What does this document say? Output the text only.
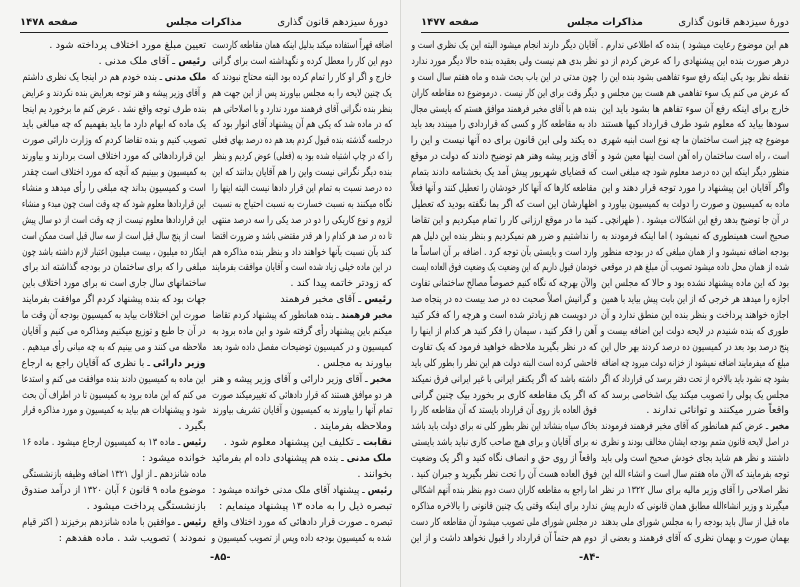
دورهٔ سیزدهم قانون گذاری
مذاکرات مجلس
صفحه ۱۴۷۸
اضافه قهراً استفاده میکند بدلیل اینکه همان مقاطعه کاردست
دوم این کار را معطل کرده و نگهداشته است برای گرانی
خارج و اگر او کار را تمام کرده بود البته محتاج نبودند که
یک چنین لایحه را به مجلس بیاورند پس از این جهت هم
بنظر بنده نگرانی آقای فرهمند مورد ندارد و با اصلاحاتی هم
که در ماده شد که یکی هم آن پیشنهاد آقای انوار بود که
درجلسه گذشته بنده قبول کردم بعد هم ده درصد بهای فعلی
را که در چاپ اشتباه شده بود به (فعلی) عوض کردیم و بنظر
بنده دیگر نگرانی نیست واین را هم آقایان بدانند که این
ده درصد نسبت به تمام این قرار دادها نیست البته اینها را
نگاه میکنند به نسبت خسارت به نسبت احتیاج به نسبت
لزوم و نوع کاریکی را دو در صد یکی را سه درصد منتهی
تا ده در صد هر کدام را هر قدر مقتضی باشد و ضرورت اقتضا
کند بآن نسبت بآنها خواهند داد و بنظر بنده مذاکره هم
در این ماده خیلی زیاد شده است و آقایان موافقت بفرمایند
که زودتر خاتمه پیدا کند .
رئیس ـ آقای مخبر فرهمند
مخبر فرهمند ـ بنده همانطور که پیشنهاد کردم تقاضا
میکنم باین پیشنهاد رأی گرفته شود و این ماده برود به
کمیسیون و در کمیسیون توضیحات مفصل داده شود بعد
بیاورند به مجلس .
مخبر ـ آقای وزیر دارائی و آقای وزیر پیشه و هنر
هر دو موافق هستند که قرار دادهائی که تغییرمیکند صورت
تمام آنها را بیاورند به کمیسیون و آقایان تشریف بیاورند
وملاحظه بفرمایند .
نقابت ـ تکلیف این پیشنهاد معلوم شود .
ملک مدنی ـ بنده هم پیشنهادی داده ام بفرمائید
بخوانند .
رئیس ـ پیشنهاد آقای ملک مدنی خوانده میشود :
تبصره ذیل را به ماده ۱۳ پیشنهاد مینمایم :
تبصره ـ صورت قرار دادهائی که مورد اختلاف واقع
شده به کمیسیون بودجه داده وپس از تصویب کمیسیون و
تعیین مبلغ مورد اختلاف پرداخته شود .
رئیس ـ آقای ملک مدنی .
ملک مدنی ـ بنده خودم هم در اینجا یک نظری داشتم
و آقای وزیر پیشه و هنر توجه بعرایض بنده نکردند و عرایض
بنده طرف توجه واقع نشد . عرض کنم ما برخورد یم اینجا
یک ماده که ابهام دارد ما باید بفهمیم که چه مبالغی باید
تصویب کنیم و بنده تقاضا کردم که وزارت دارائی صورت
این قراردادهائی که مورد اختلاف است بردارند و بیاورند
به کمیسیون و ببینیم که آنچه که مورد اختلاف است چقدر
است و کمیسیون بداند چه مبلغی را رأی میدهد و منشاء
این قراردادها معلوم شود که چه وقت است چون مبدء و منشاء
این قراردادها معلوم نیست از چه وقت است از دو سال پیش
است از پنج سال قبل است از سه سال قبل است ممکن است
اینکار ده میلیون ، بیست میلیون اعتبار لازم داشته باشد چون
مبلغی را که برای ساختمان در بودجه گذاشته اند برای
ساختمانهای سال جاری است نه برای مورد اختلاف باین
جهات بود که بنده پیشنهاد کردم اگر موافقت بفرمایند
صورت این اختلافات بیاید به کمیسیون بودجه آن وقت ما
در آن جا طبع و توزیع میکنیم ومذاکره می کنیم و آقایان
ملاحظه می کنند و می بینیم که به چه مبانی رأی میدهیم .
وزیر دارائی ـ با نظری که آقایان راجع به ارجاع
این ماده به کمیسیون دادند بنده موافقت می کنم و استدعا
می کنم که این ماده برود به کمیسیون تا در اطراف آن بحث
شود و پیشنهادات هم بیاید به کمیسیون و مورد مذاکره قرار
بگیرد .
رئیس ـ ماده ۱۳ به کمیسیون ارجاع میشود . ماده ۱۶
خوانده میشود :
ماده شانزدهم ـ از اول ۱۳۲۱ اضافه وظیفه بازنشستگی
موضوع ماده ۹ قانون ۶ آبان ۱۳۲۰ از درآمد صندوق
بازنشستگی پرداخت میشود .
رئیس ـ موافقین با ماده شانزدهم برخیزند ( اکثر قیام
نمودند ) تصویب شد . ماده هفدهم :
-۸۵-
دورهٔ سیزدهم قانون گذاری
مذاکرات مجلس
صفحه ۱۴۷۷
هم این موضوع رعایت میشود ) بنده که اطلاعی ندارم .
درهر صورت بنده این پیشنهادی را که عرض کردم از دو
نقطه نظر بود یکی اینکه رفع سوء تفاهمی بشود بنده این را
که عرض می کنم یک سوء تفاهمی هم هست بین مجلس و
خارج برای اینکه رفع آن سوء تفاهم ها بشود باید این
سودها بیاید که معلوم شود طرف قرارداد کیها هستند
موضوع چه چیز است ساختمان ما چه نوع است ابنیه شهری
است ، راه است ساختمان راه آهن است اینها معین شود و
منظور دیگر اینکه این ده درصد معلوم شود چه مبلغی است
واگر آقایان این پیشنهاد را مورد توجه قرار دهند و این
ماده به کمیسیون و صورت را دولت به کمیسیون بیاورد و
در آن جا توضیح بدهد رفع این اشکالات میشود . ( طهرانچی ـ
صحیح است همینطوری که نمیشود ) اما اینکه فرمودند به
بودجه اضافه نمیشود و از همان مبلغی که در بودجه منظور
شده از همان محل داده میشود تصویب آن مبلغ هم در موقعی
بود که این ماده پیشنهاد نشده بود و حالا که مجلس این
اجازه را میدهد هر خرجی که از این بابت پیش بیاید با همین
اجازه خواهند پرداخت و بنظر بنده این منطق ندارد و آن
طوری که بنده شنیدم در لایحه دولت این اضافه بیست و
پنج درصد بود بعد در کمیسیون ده درصد کردند بهر حال این
مبلغ که میفرمایند اضافه نمیشود از خزانه دولت میرود چه اضافه
بشود چه نشود باید بالاخره از تحت دفتر برسد کی قرارداد که اگر
مجلس یک پولی را تصویب میکند بیک اشخاصی برسد که
واقعاً ضرر میکنند و توانائی ندارند .
مخبر ـ عرض کنم همانطور که آقای مخبر فرهمند فرمودند
در اصل لایحه قانون متمم بودجه ایشان مخالف بودند و نظری
داشتند و نظر هم شاید بجای خودش صحیح است ولی باید
توجه بفرمایند که الآن ماه هفتم سال است و انشاء الله این
نظر اصلاحی را آقای وزیر مالیه برای سال ۱۳۲۲ در نظر
میگیرند و وزیر انشاءالله مطابق همان قانونی که داریم پیش
ماه قبل از سال باید بودجه را به مجلس شورای ملی بدهند
بهمان صورت و بهمان نظری که آقای فرهمند و بعضی از
آقایان دیگر دارند انجام میشود البته این یک نظری است و
نظر بدی هم نیست ولی بعقیده بنده حالا دیگر مورد ندارد
چون مدتی در این باب بحث شده و ماه هفتم سال است و
دیگر وقت برای این کار نیست . درموضوع ده مقاطعه کاران
بنده هم با آقای مخبر فرهمند موافق هستم که بایستی مجال
داد به مقاطعه کار و کسی که قراردادی را میبندد بعد باید
ده یکند ولی این قانون برای ده آنها نیست و این را
آقای وزیر پیشه وهنر هم توضیح دادند که دولت در موقع
که قضایای شهریور پیش آمد یک بخشنامه دادند بتمام
مقاطعه کارها که آنها کار خودشان را تعطیل کنند و آنها فعلاً
اظهارشان این است که اگر بما نگفته بودید که تعطیل
کنید ما در موقع ارزانی کار را تمام میکردیم و این تقاضا
را نداشتیم و ضرر هم نمیکردیم و بنظر بنده این دلیل هم
وارد است و بایستی بآن توجه کرد . اضافه بر آن اساساً ما
خودمان قبول داریم که این وضعیت یک وضعیت فوق العاده ایست
والآن بهرچه که نگاه کنیم خصوصاً مصالح ساختمانی تفاوت
و گرانیش اصلاً صحبت ده در صد بیست ده در پنجاه صد
در دویست هم زیادتر شده است و هرچه را که فکر کنید
آهن را فکر کنید ، سیمان را فکر کنید هر کدام از اینها را
که در نظر بگیرید ملاحظه خواهید فرمود که یک تفاوت
فاحشی کرده است البته دولت هم این نظر را بطور کلی باید
داشته باشد که اگر یکنفر ایرانی با غیر ایرانی فرق نمیکند
که اگر یک مقاطعه کاری بر بخورد بیک چنین گرانی
فوق العاده باز روی آن قرارداد بایستد که آن مقاطعه کار را
بخاک سیاه بنشاند این نظر بطور کلی نه برای دولت باید باشد
نه برای آقایان و برای هیچ صاحب کاری نباید باشد بایستی
واقعاً از روی حق و انصاف نگاه کنید و اگر یک وضعیت
فوق العاده هست آن را تحت نظر بگیرید و جبران کنید .
اما راجع به مقاطعه کاران دست دوم بنظر بنده آنهم اشکالی
ندارد برای اینکه وقتی یک چنین قانونی را بالاخره مذاکره
در مجلس شورای ملی تصویب میشود آن مقاطعه کار دست
دوم هم حتماً آن قرارداد را قبول نخواهد داشت و از این
-۸۴-
